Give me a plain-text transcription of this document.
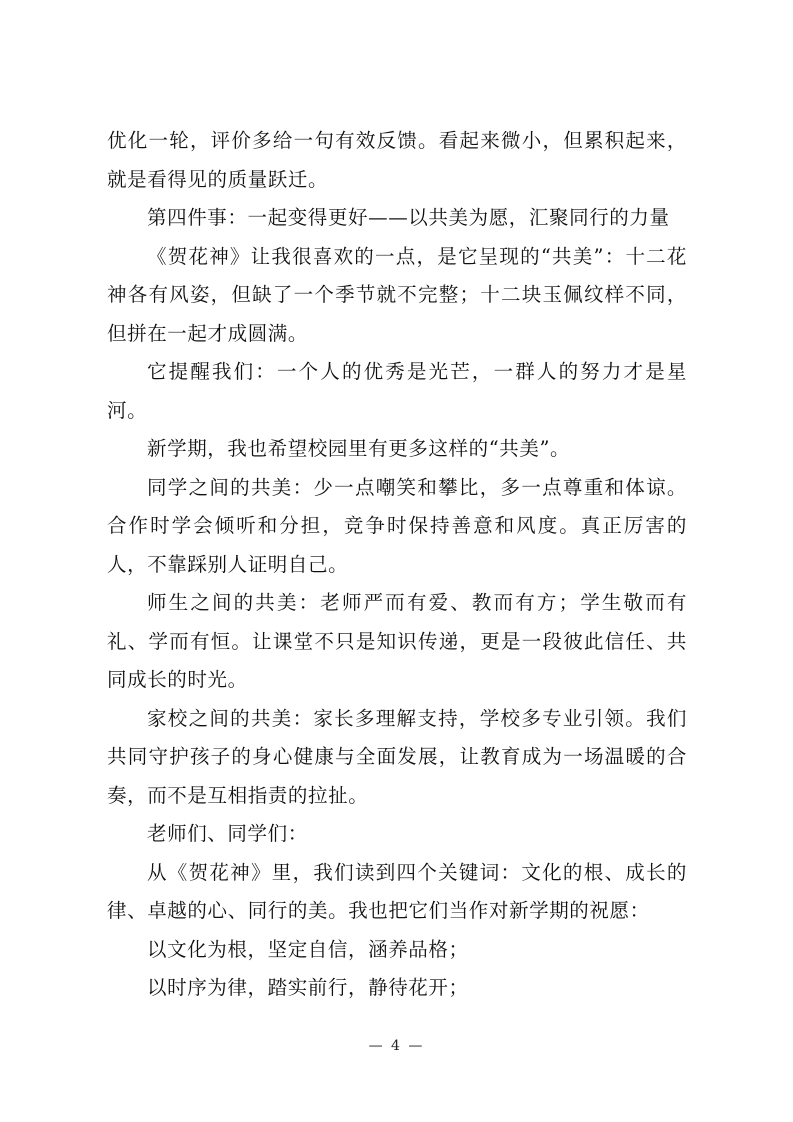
优化一轮，评价多给一句有效反馈。看起来微小，但累积起来，就是看得见的质量跃迁。

第四件事：一起变得更好——以共美为愿，汇聚同行的力量

《贺花神》让我很喜欢的一点，是它呈现的“共美”：十二花神各有风姿，但缺了一个季节就不完整；十二块玉佩纹样不同，但拼在一起才成圆满。

它提醒我们：一个人的优秀是光芒，一群人的努力才是星河。

新学期，我也希望校园里有更多这样的“共美”。

同学之间的共美：少一点嘲笑和攀比，多一点尊重和体谅。合作时学会倾听和分担，竞争时保持善意和风度。真正厉害的人，不靠踩别人证明自己。

师生之间的共美：老师严而有爱、教而有方；学生敬而有礼、学而有恒。让课堂不只是知识传递，更是一段彼此信任、共同成长的时光。

家校之间的共美：家长多理解支持，学校多专业引领。我们共同守护孩子的身心健康与全面发展，让教育成为一场温暖的合奏，而不是互相指责的拉扯。

老师们、同学们：

从《贺花神》里，我们读到四个关键词：文化的根、成长的律、卓越的心、同行的美。我也把它们当作对新学期的祝愿：

以文化为根，坚定自信，涵养品格；

以时序为律，踏实前行，静待花开；

— 4 —
